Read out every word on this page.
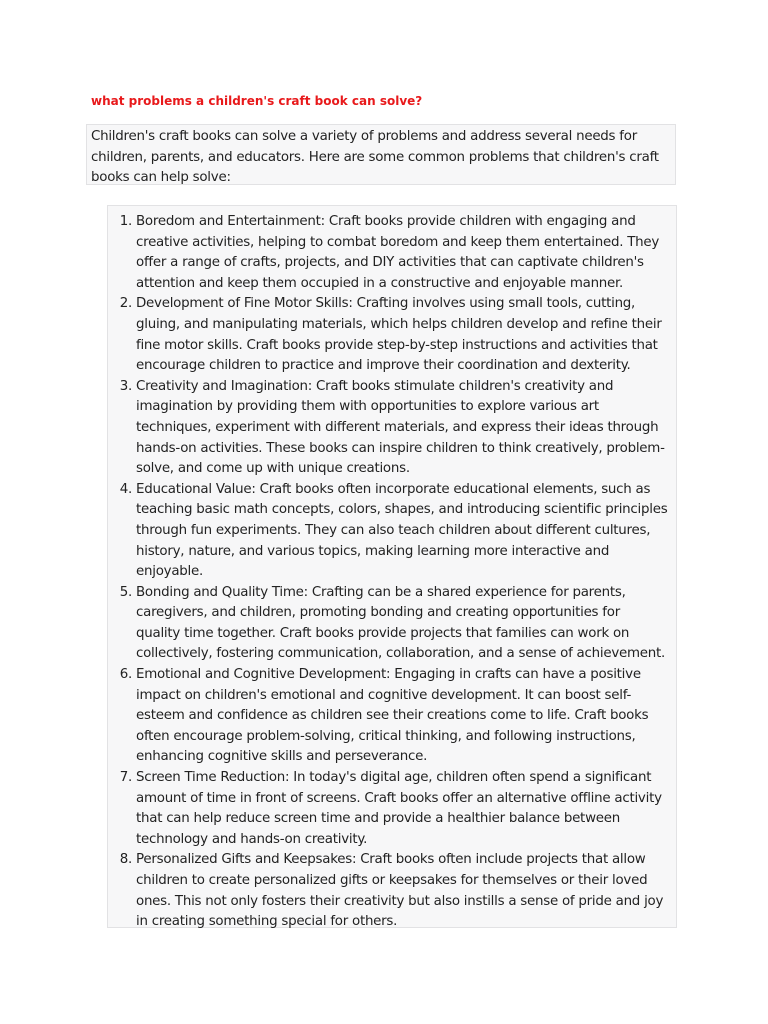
what problems a children's craft book can solve?
Children's craft books can solve a variety of problems and address several needs for
children, parents, and educators. Here are some common problems that children's craft
books can help solve:
1. Boredom and Entertainment: Craft books provide children with engaging and
creative activities, helping to combat boredom and keep them entertained. They
offer a range of crafts, projects, and DIY activities that can captivate children's
attention and keep them occupied in a constructive and enjoyable manner.
2. Development of Fine Motor Skills: Crafting involves using small tools, cutting,
gluing, and manipulating materials, which helps children develop and refine their
fine motor skills. Craft books provide step-by-step instructions and activities that
encourage children to practice and improve their coordination and dexterity.
3. Creativity and Imagination: Craft books stimulate children's creativity and
imagination by providing them with opportunities to explore various art
techniques, experiment with different materials, and express their ideas through
hands-on activities. These books can inspire children to think creatively, problem-
solve, and come up with unique creations.
4. Educational Value: Craft books often incorporate educational elements, such as
teaching basic math concepts, colors, shapes, and introducing scientific principles
through fun experiments. They can also teach children about different cultures,
history, nature, and various topics, making learning more interactive and
enjoyable.
5. Bonding and Quality Time: Crafting can be a shared experience for parents,
caregivers, and children, promoting bonding and creating opportunities for
quality time together. Craft books provide projects that families can work on
collectively, fostering communication, collaboration, and a sense of achievement.
6. Emotional and Cognitive Development: Engaging in crafts can have a positive
impact on children's emotional and cognitive development. It can boost self-
esteem and confidence as children see their creations come to life. Craft books
often encourage problem-solving, critical thinking, and following instructions,
enhancing cognitive skills and perseverance.
7. Screen Time Reduction: In today's digital age, children often spend a significant
amount of time in front of screens. Craft books offer an alternative offline activity
that can help reduce screen time and provide a healthier balance between
technology and hands-on creativity.
8. Personalized Gifts and Keepsakes: Craft books often include projects that allow
children to create personalized gifts or keepsakes for themselves or their loved
ones. This not only fosters their creativity but also instills a sense of pride and joy
in creating something special for others.
